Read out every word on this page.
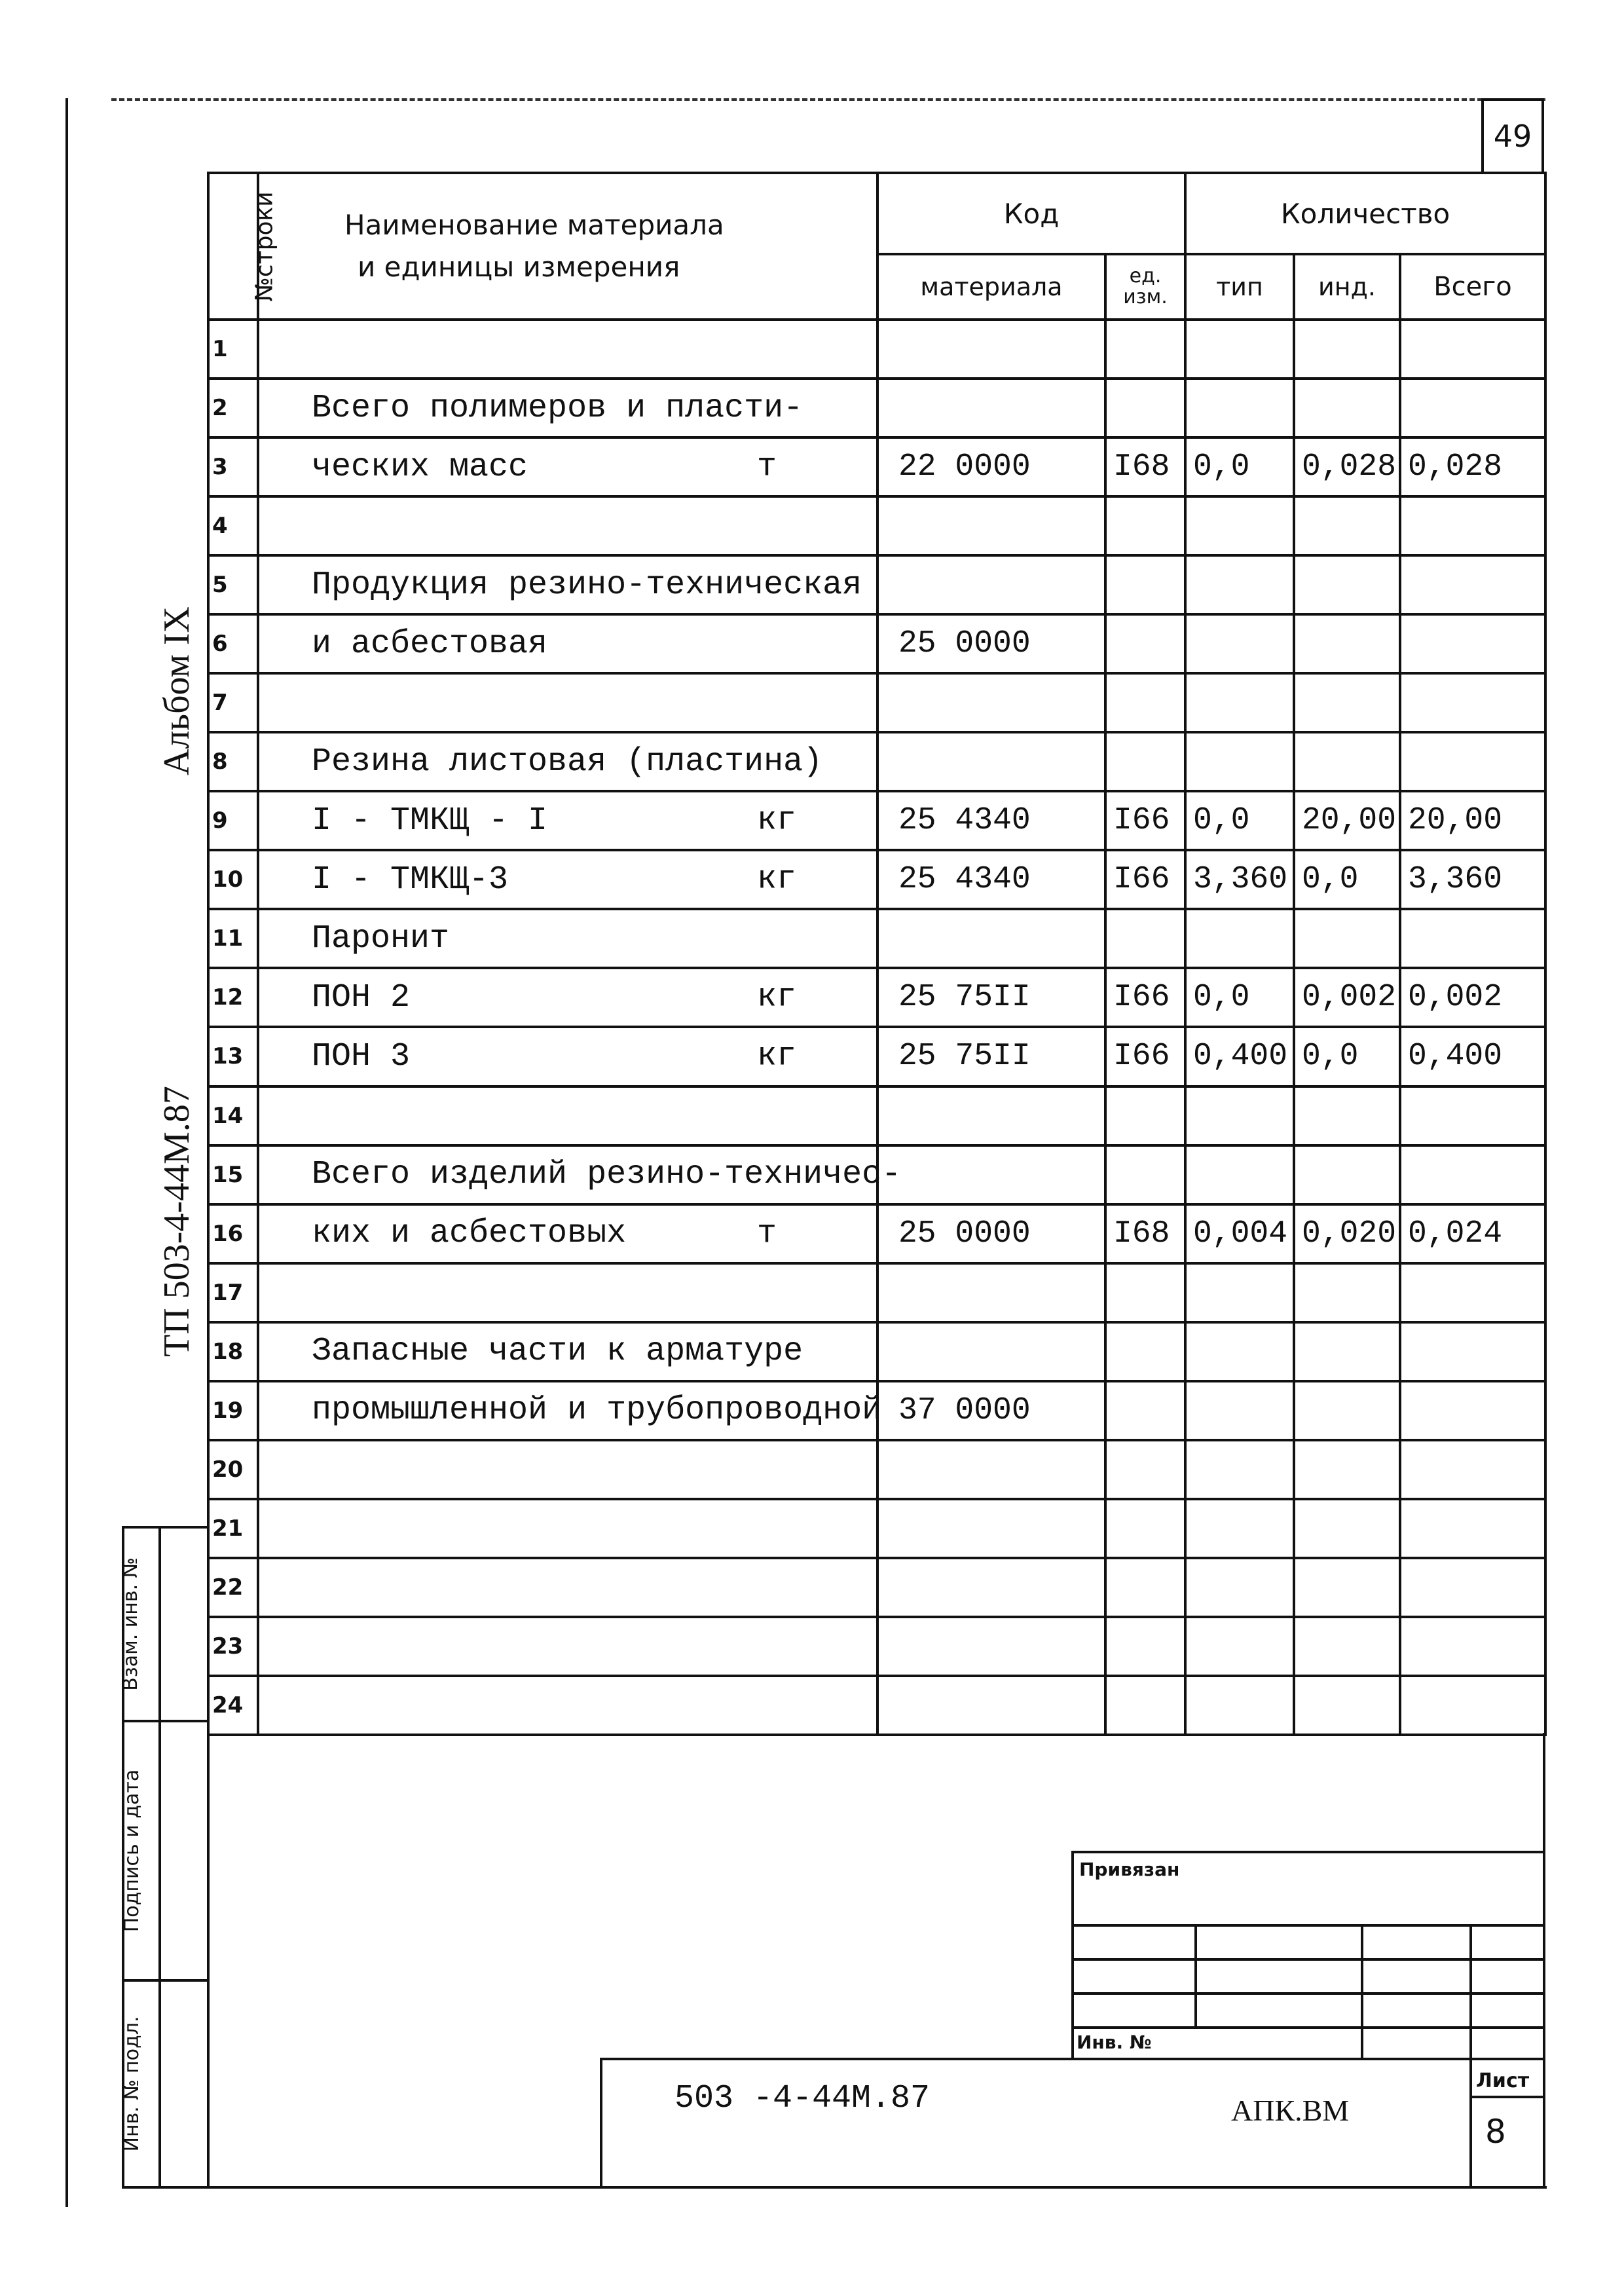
49
Альбом IX
ТП 503-4-44М.87
№строки	Наименование материала
и единицы измерения	Код		Количество		
		материала	ед. изм.	тип	инд.	Всего
1	

2	Всего полимеров и пласти-

3	ческих масс т	22 0000	I68	0,0	0,028	0,028
4	

5	Продукция резино-техническая

6	и асбестовая	25 0000				
7	

8	Резина листовая (пластина)

9	I - ТМКЩ - I кг	25 4340	I66	0,0	20,00	20,00
10	I - ТМКЩ-3 кг	25 4340	I66	3,360	0,0	3,360
11	Паронит

12	ПОН 2 кг	25 75II	I66	0,0	0,002	0,002
13	ПОН 3 кг	25 75II	I66	0,400	0,0	0,400
14	

15	Всего изделий резино-техничес-

16	ких и асбестовых т	25 0000	I68	0,004	0,020	0,024
17	

18	Запасные части к арматуре

19	промышленной и трубопроводной	37 0000				
20	

21	

22	

23	

24	

Взам. инв. №
Подпись и дата
Инв. № подл.
Привязан
Инв. №
503 -4-44М.87	АПК.ВМ
Лист
8
